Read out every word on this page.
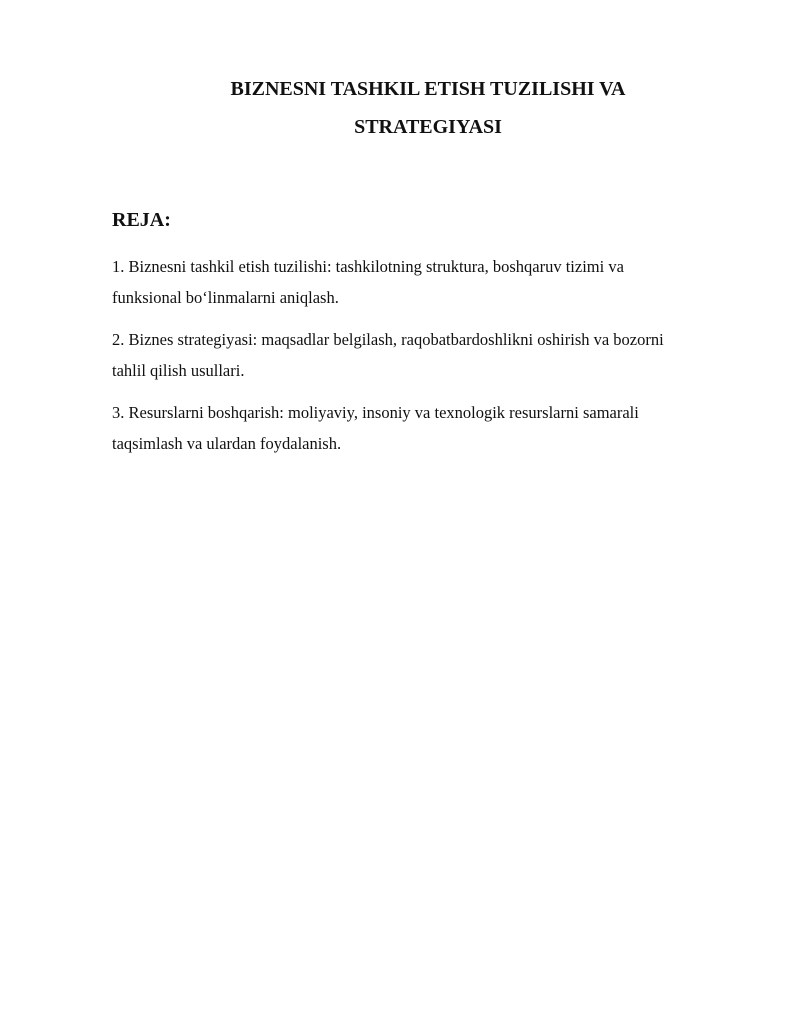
BIZNESNI TASHKIL ETISH TUZILISHI VA
STRATEGIYASI
REJA:
1. Biznesni tashkil etish tuzilishi: tashkilotning struktura, boshqaruv tizimi va
funksional bo‘linmalarni aniqlash.
2. Biznes strategiyasi: maqsadlar belgilash, raqobatbardoshlikni oshirish va bozorni
tahlil qilish usullari.
3. Resurslarni boshqarish: moliyaviy, insoniy va texnologik resurslarni samarali
taqsimlash va ulardan foydalanish.
